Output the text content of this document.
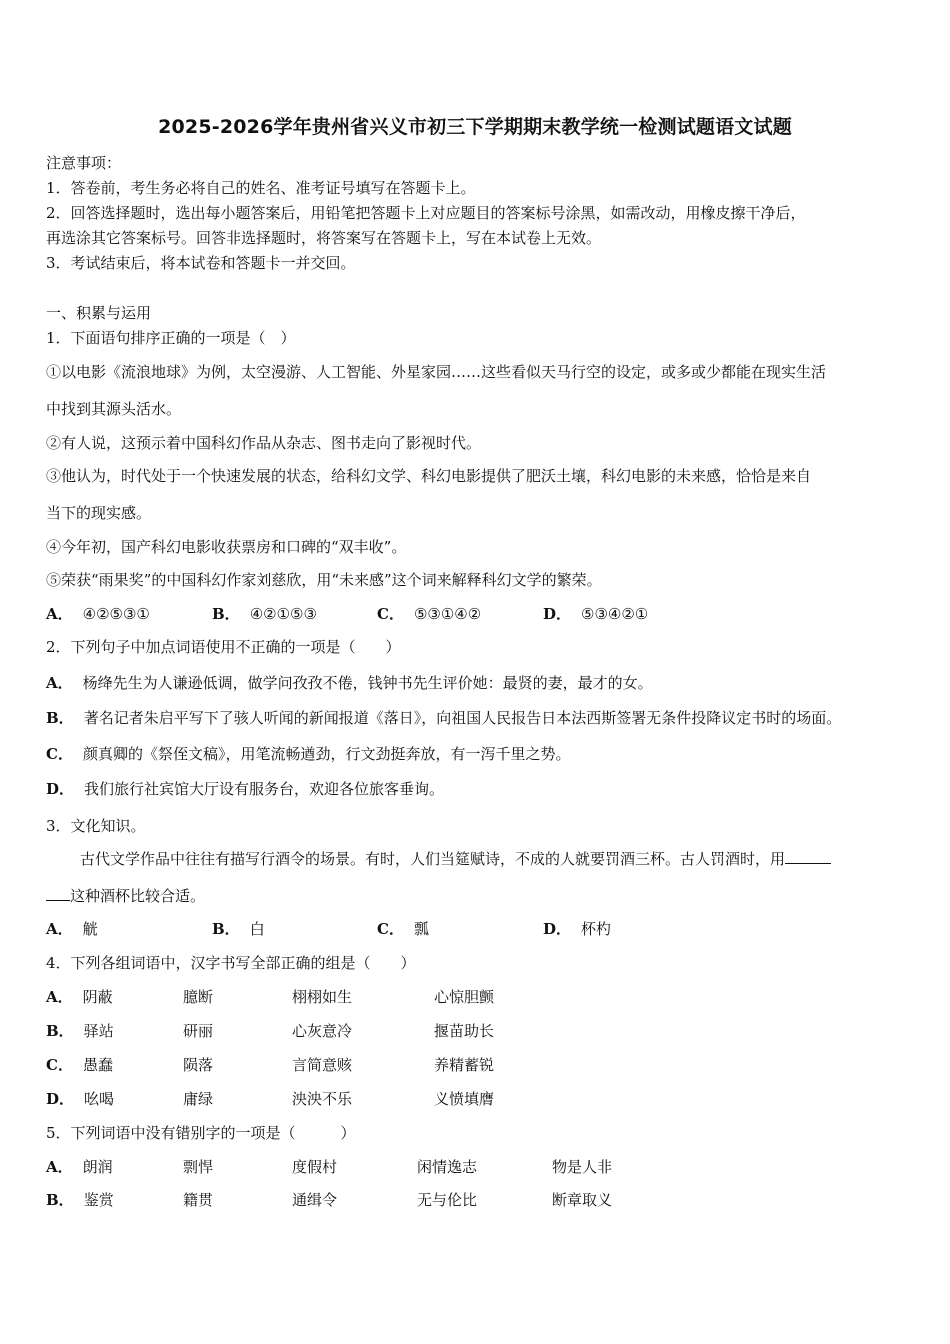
2025-2026学年贵州省兴义市初三下学期期末教学统一检测试题语文试题
注意事项：
1．答卷前，考生务必将自己的姓名、准考证号填写在答题卡上。
2．回答选择题时，选出每小题答案后，用铅笔把答题卡上对应题目的答案标号涂黑，如需改动，用橡皮擦干净后，
再选涂其它答案标号。回答非选择题时，将答案写在答题卡上，写在本试卷上无效。
3．考试结束后，将本试卷和答题卡一并交回。
一、积累与运用
1．下面语句排序正确的一项是（　）
①以电影《流浪地球》为例，太空漫游、人工智能、外星家园……这些看似天马行空的设定，或多或少都能在现实生活
中找到其源头活水。
②有人说，这预示着中国科幻作品从杂志、图书走向了影视时代。
③他认为，时代处于一个快速发展的状态，给科幻文学、科幻电影提供了肥沃土壤，科幻电影的未来感，恰恰是来自
当下的现实感。
④今年初，国产科幻电影收获票房和口碑的“双丰收”。
⑤荣获“雨果奖”的中国科幻作家刘慈欣，用“未来感”这个词来解释科幻文学的繁荣。
A． ④②⑤③①	B． ④②①⑤③	C． ⑤③①④②	D． ⑤③④②①
2．下列句子中加点词语使用不正确的一项是（　　）
A． 杨绛先生为人谦逊低调，做学问孜孜不倦，钱钟书先生评价她：最贤的妻，最才的女。
B． 著名记者朱启平写下了骇人听闻的新闻报道《落日》，向祖国人民报告日本法西斯签署无条件投降议定书时的场面。
C． 颜真卿的《祭侄文稿》，用笔流畅遒劲，行文劲挺奔放，有一泻千里之势。
D． 我们旅行社宾馆大厅设有服务台，欢迎各位旅客垂询。
3．文化知识。
古代文学作品中往往有描写行酒令的场景。有时，人们当筵赋诗，不成的人就要罚酒三杯。古人罚酒时，用
这种酒杯比较合适。
A． 觥	B． 白	C． 瓢	D． 杯杓
4．下列各组词语中，汉字书写全部正确的组是（　　）
A． 阴蔽	臆断	栩栩如生	心惊胆颤
B． 驿站	研丽	心灰意冷	揠苗助长
C． 愚蠢	陨落	言简意赅	养精蓄锐
D． 吆喝	庸绿	泱泱不乐	义愤填膺
5．下列词语中没有错别字的一项是（　　　）
A． 朗润	剽悍	度假村	闲情逸志	物是人非
B． 鉴赏	籍贯	通缉令	无与伦比	断章取义
